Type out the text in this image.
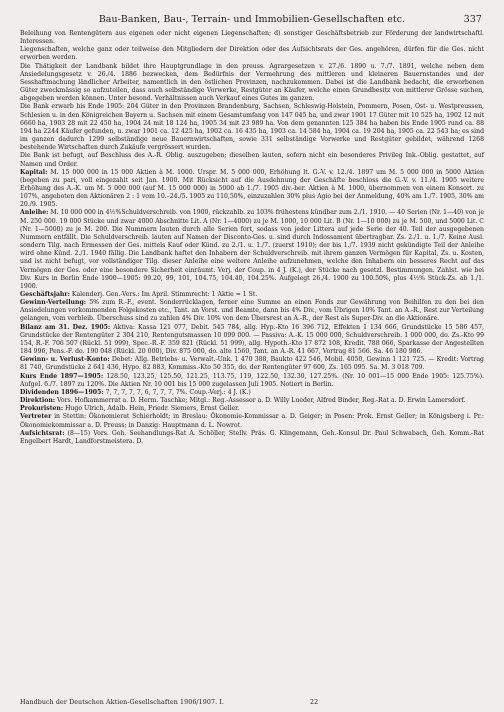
Bau-Banken, Bau-, Terrain- und Immobilien-Gesellschaften etc.	337

Beleihung von Rentengütern aus eigenen oder nicht eigenen Liegenschaften; d) sonstiger Geschäftsbetrieb zur Förderung der landwirtschaftl. Interessen.

Liegenschaften, welche ganz oder teilweise den Mitgliedern der Direktion oder des Aufsichtsrats der Ges. angehören, dürfen für die Ges. nicht erworben werden.

Die Thätigkeit der Landbank bildet ihre Hauptgrundlage in den preuss. Agrargesetzen v. 27./6. 1890 u. 7./7. 1891, welche neben dem Ansiedelungsgesetz v. 26./4. 1886 bezwecken, dem Bedürfnis der Vermehrung des mittleren und kleineren Bauernstandes und der Sesshaftmachung ländlicher Arbeiter, namentlich in den östlichen Provinzen, nachzukommen. Dabei ist die Landbank bedacht, die erworbenen Güter zweckmässig so aufzuteilen, dass auch selbständige Vorwerke, Restgüter an Käufer, welche einen Grundbesitz von mittlerer Grösse suchen, abgegeben werden können. Unter besond. Verhältnissen auch Verkauf eines Gutes im ganzen.

Die Bank erwarb bis Ende 1905: 204 Güter in den Provinzen Brandenburg, Sachsen, Schleswig-Holstein, Pommern, Posen, Ost- u. Westpreussen, Schlesien u. in den Königreichen Bayern u. Sachsen mit einem Gesamtumfang von 147 045 ha, und zwar 1901 17 Güter mit 10 525 ha, 1902 12 mit 6660 ha, 1903 28 mit 22 450 ha, 1904 24 mit 18 124 ha, 1905 34 mit 23 989 ha. Von dem genannten 125 384 ha haben bis Ende 1905 rund ca. 88 194 ha 2244 Käufer gefunden, u. zwar 1901 ca. 12 425 ha, 1902 ca. 16 435 ha, 1903 ca. 14 584 ha, 1904 ca. 19 204 ha, 1905 ca. 22 543 ha; es sind im ganzen dadurch 1299 selbständige neue Bauernwirtschaften, sowie 331 selbständige Vorwerke und Restgüter gebildet, während 1268 bestehende Wirtschaften durch Zukäufe vergrössert wurden.

Die Bank ist befugt, auf Beschluss des A.-R. Oblig. auszugeben; dieselben lauten, sofern nicht ein besonderes Privileg Ink.-Oblig. gestattet, auf Namen und Order.

Kapital: M. 15 000 000 in 15 000 Aktien à M. 1000. Urspr. M. 5 000 000, Erhöhung lt. G.-V. v. 12./4. 1897 um M. 5 000 000 in 5000 Aktien (begeben zu pari, voll eingezahlt seit Jan. 1900. Mit Rücksicht auf die Ausdehnung der Geschäfte beschloss die G.-V. v. 11./4. 1905 weitere Erhöhung des A.-K. um M. 5 000 000 (auf M. 15 000 000) in 5000 ab 1./7. 1905 div.-ber. Aktien à M. 1000, übernommen von einem Konsort. zu 107%, angeboten den Aktionären 2 : 1 vom 10.–24./5. 1905 zu 110,50%, einzuzahlen 30% plus Agio bei der Anmeldung, 40% am 1./7. 1905, 30% am 20./9. 1905.

Anleihe: M. 10 000 000 in 4½%Schuldverschreib. von 1900, rückzahlb. zu 103% frühestens kündbar zum 2./1. 1910. — 40 Serien (Nr. 1—40) von je M. 250 000. 19 000 Stücke und zwar 4000 Abschnitte Lit. A (Nr. 1—4000) zu je M. 1000, 10 000 Lit. B (Nr. 1—10 000) zu je M. 500, und 5000 Lit. C (Nr. 1—5000) zu je M. 200. Die Nummern lauten durch alle Serien fort, sodass von jeder Littera auf jede Serie der 40. Teil der ausgegebenen Nummern entfällt. Die Schuldverschreib. lauten auf Namen der Disconto-Ges. u. sind durch Indossament übertragbar. Zs. 2./1. u. 1./7. Keine Ausl. sondern Tilg. nach Ermessen der Ges. mittels Kauf oder Künd. zu 2./1. u. 1./7. (zuerst 1910); der bis 1./7. 1939 nicht gekündigte Teil der Anleihe wird ohne Künd. 2./1. 1940 fällig. Die Landbank haftet den Inhabern der Schuldverschreib. mit ihrem ganzen Vermögen für Kapital, Zs. u. Kosten, und ist nicht befugt, vor vollständiger Tilg. dieser Anleihe eine weitere Anleihe aufzunehmen, welche den Inhabern ein besseres Recht auf das Vermögen der Ges. oder eine besondere Sicherheit einräumt. Verj. der Coup. in 4 J. (K.), der Stücke nach gesetzl. Bestimmungen. Zahlst. wie bei Div. Kurs in Berlin Ende 1900—1905: 99.20, 99, 101, 104.75, 104.40, 104.25%. Aufgelegt 26./4. 1900 zu 100.50%, plus 4½% Stück-Zs. ab 1./1. 1900.

Geschäftsjahr: Kalenderj. Gen.-Vers.: Im April. Stimmrecht: 1 Aktie = 1 St.

Gewinn-Verteilung: 5% zum R.-F., event. Sonderrücklagen, ferner eine Summe an einen Fonds zur Gewährung von Beihilfen zu den bei den Ansiedelungen vorkommenden Folgekosten etc., Tant. an Vorst. und Beamte, dann bis 4% Div., vom Übrigen 10% Tant. an A.-R., Rest zur Verteilung gelangen, vom verbleib. Überschuss sind zu zahlen 4% Div. 10% von dem Übersrest an A.-R., der Rest als Super-Div. an die Aktionäre.

Bilanz am 31. Dez. 1905: Aktiva: Kassa 121 077, Debit. 545 784, allg. Hyp.-Kto 16 396 712, Effekten 1 134 666, Grundstücke 15 586 457, Grundstücke der Rentengüter 2 304 210, Rentengutsmassen 10 099 000. — Passiva: A.-K. 15 000 000, Schuldverschreib. 1 000 000, do. Zs.-Kto 99 154, R.-F. 706 507 (Rückl. 51 999), Spec.-R.-F. 359 821 (Rückl. 51 999), allg. Hypoth.-Kto 17 872 108, Kredit. 788 066, Sparkasse der Angestellten 184 996, Pens.-F. do. 190 048 (Rückl. 20 000), Div. 875 000, do. alte 1560, Tant. an A.-R. 41 667, Vortrag 81 566. Sa. 46 180 986.

Gewinn- u. Verlust-Konto: Debet: Allg. Betriebs- u. Verwalt.-Unk. 1 470 388, Baukto 422 546, Mobil. 4050, Gewinn 1 121 725. — Kredit: Vortrag 81 740, Grundstücke 2 641 436, Hypo. 82 883, Kommiss.-Kto 50 355, do. der Rentengüter 97 600, Zs. 165 095. Sa. M. 3 018 709.

Kurs Ende 1897—1905: 128.50, 123.25, 125.50, 121.25, 113.75, 119, 122.50, 132.30, 127.25%. (Nr. 10 001—15 000 Ende 1905: 125.75%). Aufgel. 6./7. 1897 zu 120%. Die Aktien Nr. 10 001 bis 15 000 zugelassen Juli 1905. Notiert in Berlin.

Dividenden 1896—1905: 7, 7, 7, 7, 7, 6, 7, 7, 7, 7%. Coup.-Verj.: 4 J. (K.)

Direktion: Vors. Hofkammerrat a. D. Herm. Taschke; Mitgl.: Reg.-Assessor a. D. Willy Lueder, Alfred Binder, Reg.-Rat a. D. Erwin Lamersdorf.

Prokuristen: Hugo Ulrich, Adalb. Hein, Friedr. Siemers, Ernst Geller.

Vertreter in Stettin: Ökonomierat Schierholdt; in Breslau: Ökonomie-Kommissar a. D. Geiger; in Posen: Prok. Ernst Geller; in Königsberg i. Pr.: Ökonomiekommissar a. D. Preuss; in Danzig: Hauptmann d. L. Nowrot.

Aufsichtsrat: (8—15) Vors. Geh. Seehandlungs-Rat A. Schöller, Stellv. Präs. G. Klingemann, Geh.-Konsul Dr. Paul Schwabach, Geh. Komm.-Rat Engelbert Hardt, Landforstmeistera. D.

Handbuch der Deutschen Aktien-Gesellschaften 1906/1907. I.	22
